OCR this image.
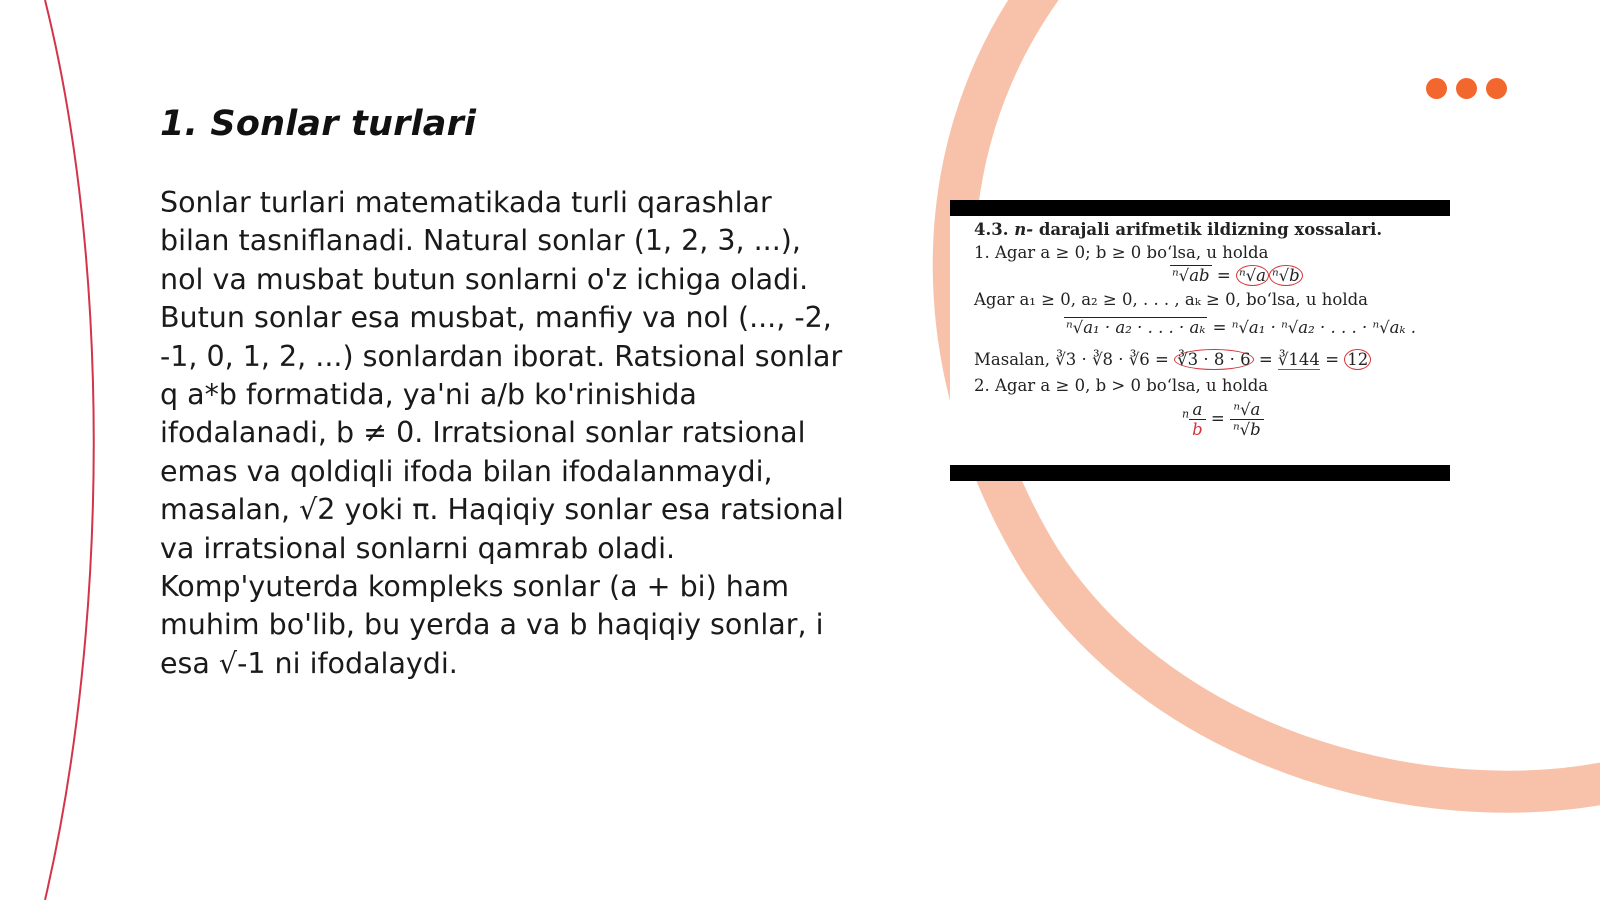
1. Sonlar turlari

Sonlar turlari matematikada turli qarashlar bilan tasniflanadi. Natural sonlar (1, 2, 3, ...), nol va musbat butun sonlarni o'z ichiga oladi. Butun sonlar esa musbat, manfiy va nol (..., -2, -1, 0, 1, 2, ...) sonlardan iborat. Ratsional sonlar q a*b formatida, ya'ni a/b ko'rinishida ifodalanadi, b ≠ 0. Irratsional sonlar ratsional emas va qoldiqli ifoda bilan ifodalanmaydi, masalan, √2 yoki π. Haqiqiy sonlar esa ratsional va irratsional sonlarni qamrab oladi. Komp'yuterda kompleks sonlar (a + bi) ham muhim bo'lib, bu yerda a va b haqiqiy sonlar, i esa √-1 ni ifodalaydi.

4.3. n- darajali arifmetik ildizning xossalari.
1. Agar a ≥ 0; b ≥ 0 bo‘lsa, u holda
ⁿ√ab = ⁿ√a ⁿ√b
Agar a₁ ≥ 0, a₂ ≥ 0, . . . , aₖ ≥ 0, bo‘lsa, u holda
ⁿ√a₁ · a₂ · . . . · aₖ = ⁿ√a₁ · ⁿ√a₂ · . . . · ⁿ√aₖ .
Masalan, ∛3 · ∛8 · ∛6 = ∛3 · 8 · 6 = ∛144 = 12
2. Agar a ≥ 0, b > 0 bo‘lsa, u holda
$^n \frac{a}{b} = \frac{\text{ⁿ√a}}{\text{ⁿ√b}}$
